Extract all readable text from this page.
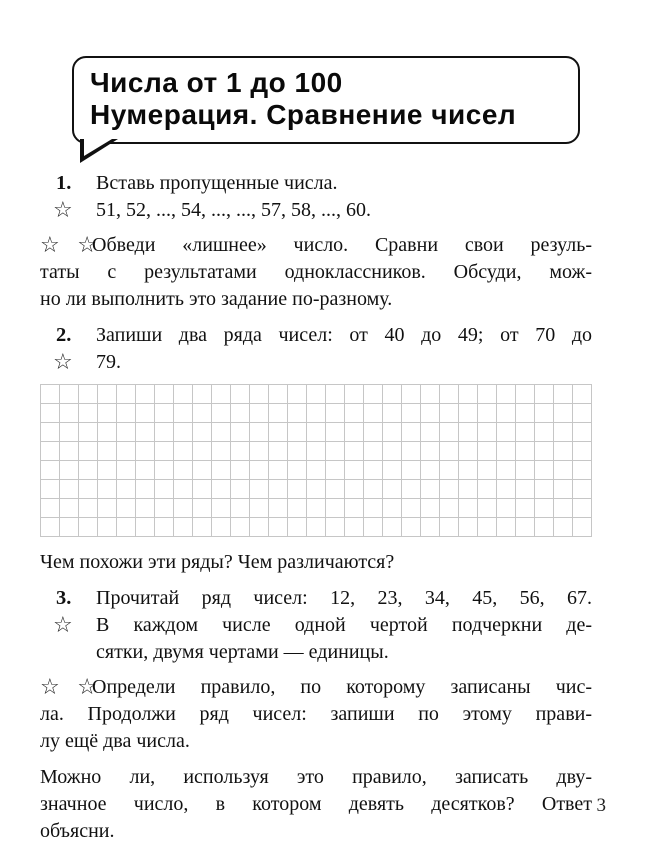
Числа от 1 до 100
Нумерация. Сравнение чисел
1.
☆
Вставь пропущенные числа.
51, 52, ..., 54, ..., ..., 57, 58, ..., 60.
☆☆Обведи «лишнее» число. Сравни свои резуль-
таты с результатами одноклассников. Обсуди, мож-
но ли выполнить это задание по-разному.
2.
☆
Запиши два ряда чисел: от 40 до 49; от 70 до
79.
Чем похожи эти ряды? Чем различаются?
3.
☆
Прочитай ряд чисел: 12, 23, 34, 45, 56, 67.
В каждом числе одной чертой подчеркни де-
сятки, двумя чертами — единицы.
☆☆Определи правило, по которому записаны чис-
ла. Продолжи ряд чисел: запиши по этому прави-
лу ещё два числа.
Можно ли, используя это правило, записать дву-
значное число, в котором девять десятков? Ответ
объясни.
3
